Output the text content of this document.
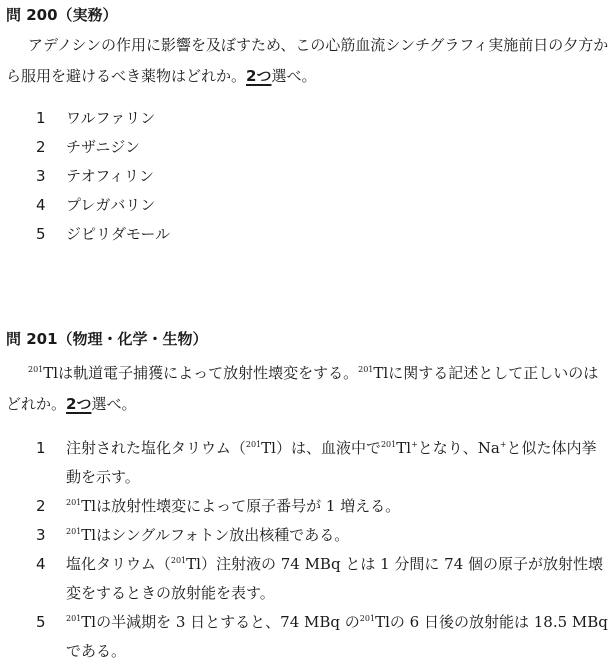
問 200（実務）
アデノシンの作用に影響を及ぼすため、この心筋血流シンチグラフィ実施前日の夕方から服用を避けるべき薬物はどれか。2つ選べ。
1	ワルファリン
2	チザニジン
3	テオフィリン
4	プレガバリン
5	ジピリダモール
問 201（物理・化学・生物）
$^{201}$Tlは軌道電子捕獲によって放射性壊変をする。$^{201}$Tlに関する記述として正しいのはどれか。2つ選べ。
1	注射された塩化タリウム（$^{201}$Tl）は、血液中で$^{201}$Tl+となり、Na+と似た体内挙動を示す。
2	$^{201}$Tlは放射性壊変によって原子番号が 1 増える。
3	$^{201}$Tlはシングルフォトン放出核種である。
4	塩化タリウム（$^{201}$Tl）注射液の 74 MBq とは 1 分間に 74 個の原子が放射性壊変をするときの放射能を表す。
5	$^{201}$Tlの半減期を 3 日とすると、74 MBq の$^{201}$Tlの 6 日後の放射能は 18.5 MBq である。
